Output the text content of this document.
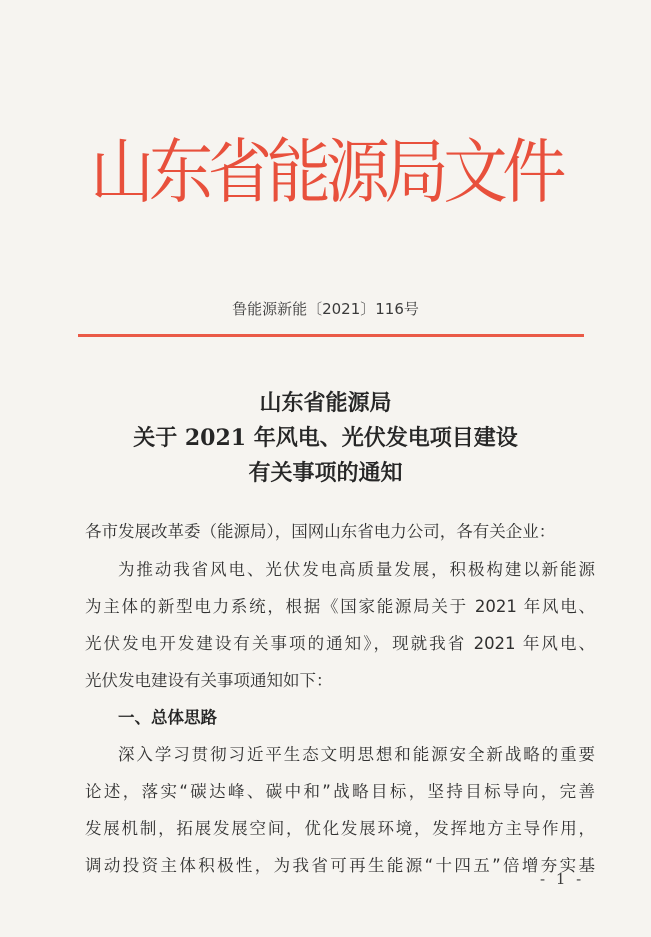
山东省能源局文件
鲁能源新能〔2021〕116号
山东省能源局
关于 2021 年风电、光伏发电项目建设
有关事项的通知
各市发展改革委（能源局），国网山东省电力公司，各有关企业：
为推动我省风电、光伏发电高质量发展，积极构建以新能源
为主体的新型电力系统，根据《国家能源局关于 2021 年风电、
光伏发电开发建设有关事项的通知》，现就我省 2021 年风电、
光伏发电建设有关事项通知如下：
一、总体思路
深入学习贯彻习近平生态文明思想和能源安全新战略的重要
论述，落实“碳达峰、碳中和”战略目标，坚持目标导向，完善
发展机制，拓展发展空间，优化发展环境，发挥地方主导作用，
调动投资主体积极性，为我省可再生能源“十四五”倍增夯实基
- 1 -
